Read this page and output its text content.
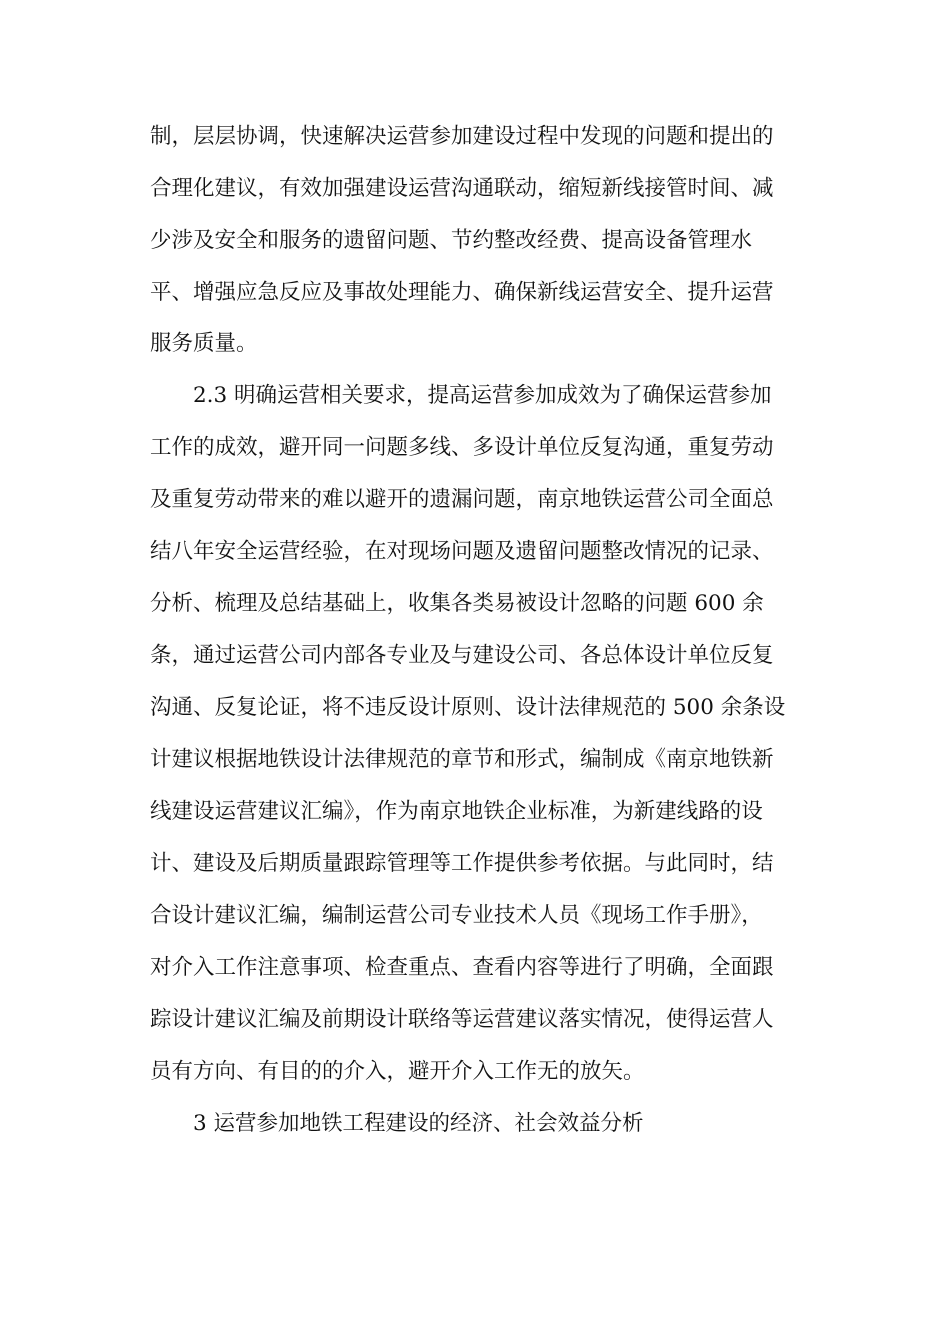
制，层层协调，快速解决运营参加建设过程中发现的问题和提出的

合理化建议，有效加强建设运营沟通联动，缩短新线接管时间、减

少涉及安全和服务的遗留问题、节约整改经费、提高设备管理水

平、增强应急反应及事故处理能力、确保新线运营安全、提升运营

服务质量。

2.3 明确运营相关要求，提高运营参加成效为了确保运营参加

工作的成效，避开同一问题多线、多设计单位反复沟通，重复劳动

及重复劳动带来的难以避开的遗漏问题，南京地铁运营公司全面总

结八年安全运营经验，在对现场问题及遗留问题整改情况的记录、

分析、梳理及总结基础上，收集各类易被设计忽略的问题 600 余

条，通过运营公司内部各专业及与建设公司、各总体设计单位反复

沟通、反复论证，将不违反设计原则、设计法律规范的 500 余条设

计建议根据地铁设计法律规范的章节和形式，编制成《南京地铁新

线建设运营建议汇编》，作为南京地铁企业标准，为新建线路的设

计、建设及后期质量跟踪管理等工作提供参考依据。与此同时，结

合设计建议汇编，编制运营公司专业技术人员《现场工作手册》，

对介入工作注意事项、检查重点、查看内容等进行了明确，全面跟

踪设计建议汇编及前期设计联络等运营建议落实情况，使得运营人

员有方向、有目的的介入，避开介入工作无的放矢。

3 运营参加地铁工程建设的经济、社会效益分析
